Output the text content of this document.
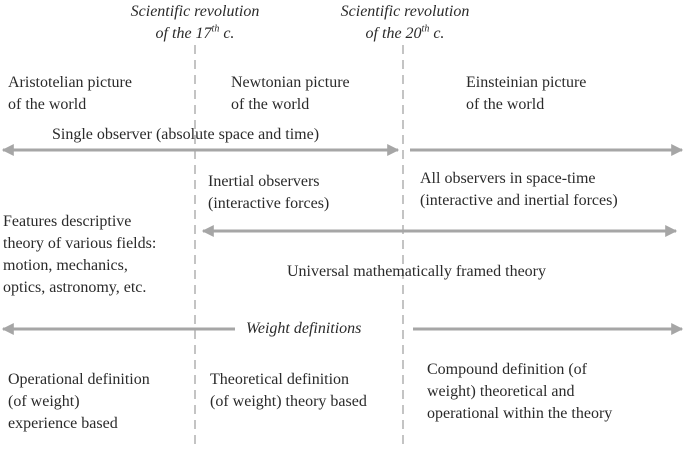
Scientific revolution
of the 17th c.
Scientific revolution
of the 20th c.
Aristotelian picture
of the world
Newtonian picture
of the world
Einsteinian picture
of the world
Single observer (absolute space and time)
Inertial observers
(interactive forces)
All observers in space-time
(interactive and inertial forces)
Features descriptive
theory of various fields:
motion, mechanics,
optics, astronomy, etc.
Universal mathematically framed theory
Weight definitions
Operational definition
(of weight)
experience based
Theoretical definition
(of weight) theory based
Compound definition (of
weight) theoretical and
operational within the theory
